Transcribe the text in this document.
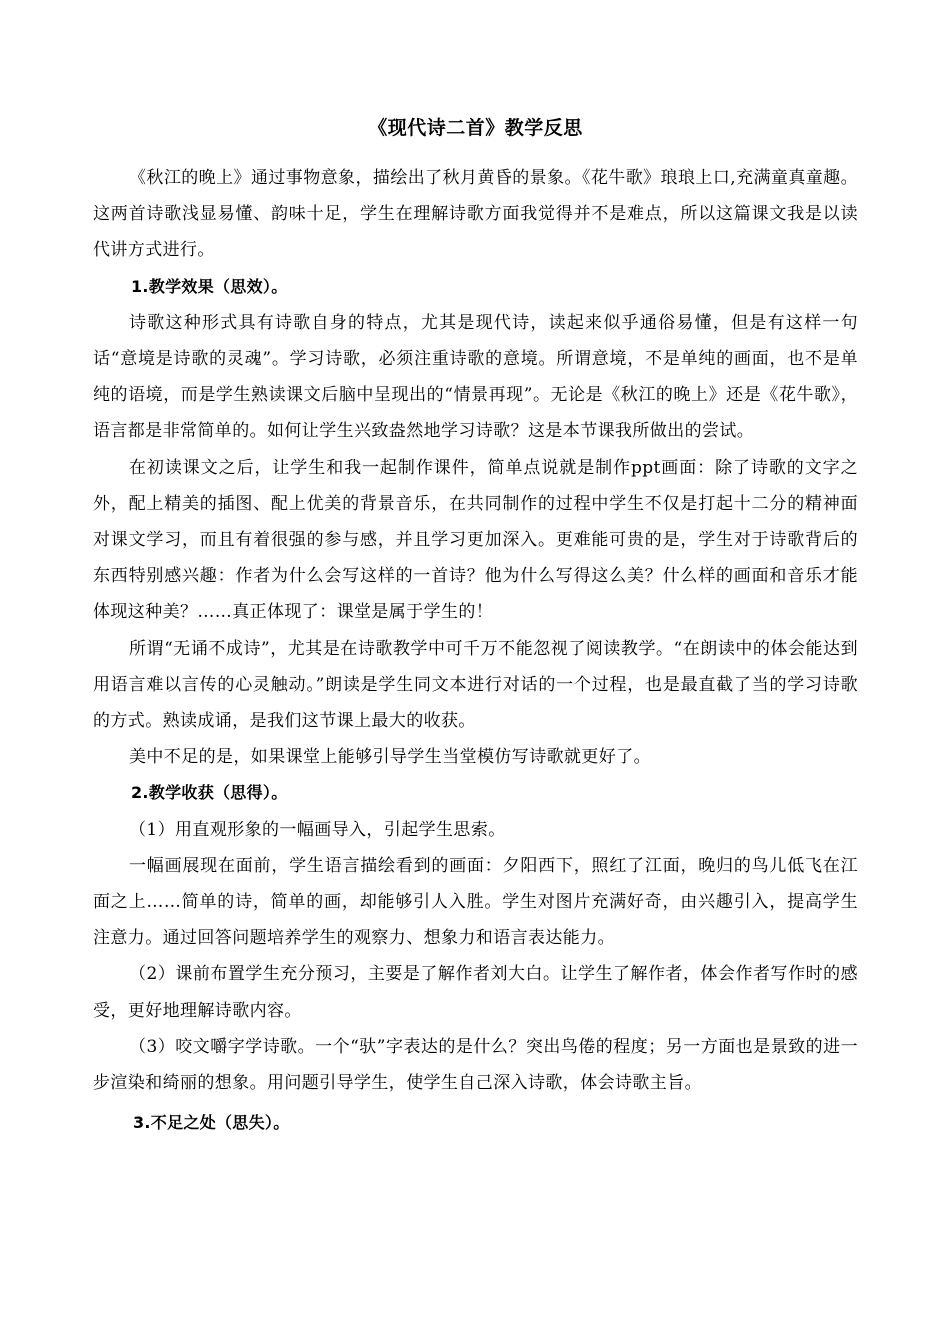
《现代诗二首》教学反思

《秋江的晚上》通过事物意象，描绘出了秋月黄昏的景象。《花牛歌》琅琅上口,充满童真童趣。这两首诗歌浅显易懂、韵味十足，学生在理解诗歌方面我觉得并不是难点，所以这篇课文我是以读代讲方式进行。

1.教学效果（思效）。

诗歌这种形式具有诗歌自身的特点，尤其是现代诗，读起来似乎通俗易懂，但是有这样一句话“意境是诗歌的灵魂”。学习诗歌，必须注重诗歌的意境。所谓意境，不是单纯的画面，也不是单纯的语境，而是学生熟读课文后脑中呈现出的“情景再现”。无论是《秋江的晚上》还是《花牛歌》，语言都是非常简单的。如何让学生兴致盎然地学习诗歌？这是本节课我所做出的尝试。

在初读课文之后，让学生和我一起制作课件，简单点说就是制作ppt画面：除了诗歌的文字之外，配上精美的插图、配上优美的背景音乐，在共同制作的过程中学生不仅是打起十二分的精神面对课文学习，而且有着很强的参与感，并且学习更加深入。更难能可贵的是，学生对于诗歌背后的东西特别感兴趣：作者为什么会写这样的一首诗？他为什么写得这么美？什么样的画面和音乐才能体现这种美？……真正体现了：课堂是属于学生的！

所谓“无诵不成诗”，尤其是在诗歌教学中可千万不能忽视了阅读教学。“在朗读中的体会能达到用语言难以言传的心灵触动。”朗读是学生同文本进行对话的一个过程，也是最直截了当的学习诗歌的方式。熟读成诵，是我们这节课上最大的收获。

美中不足的是，如果课堂上能够引导学生当堂模仿写诗歌就更好了。

2.教学收获（思得）。

（1）用直观形象的一幅画导入，引起学生思索。

一幅画展现在面前，学生语言描绘看到的画面：夕阳西下，照红了江面，晚归的鸟儿低飞在江面之上……简单的诗，简单的画，却能够引人入胜。学生对图片充满好奇，由兴趣引入，提高学生注意力。通过回答问题培养学生的观察力、想象力和语言表达能力。

（2）课前布置学生充分预习，主要是了解作者刘大白。让学生了解作者，体会作者写作时的感受，更好地理解诗歌内容。

（3）咬文嚼字学诗歌。一个“驮”字表达的是什么？突出鸟倦的程度；另一方面也是景致的进一步渲染和绮丽的想象。用问题引导学生，使学生自己深入诗歌，体会诗歌主旨。

3.不足之处（思失）。
